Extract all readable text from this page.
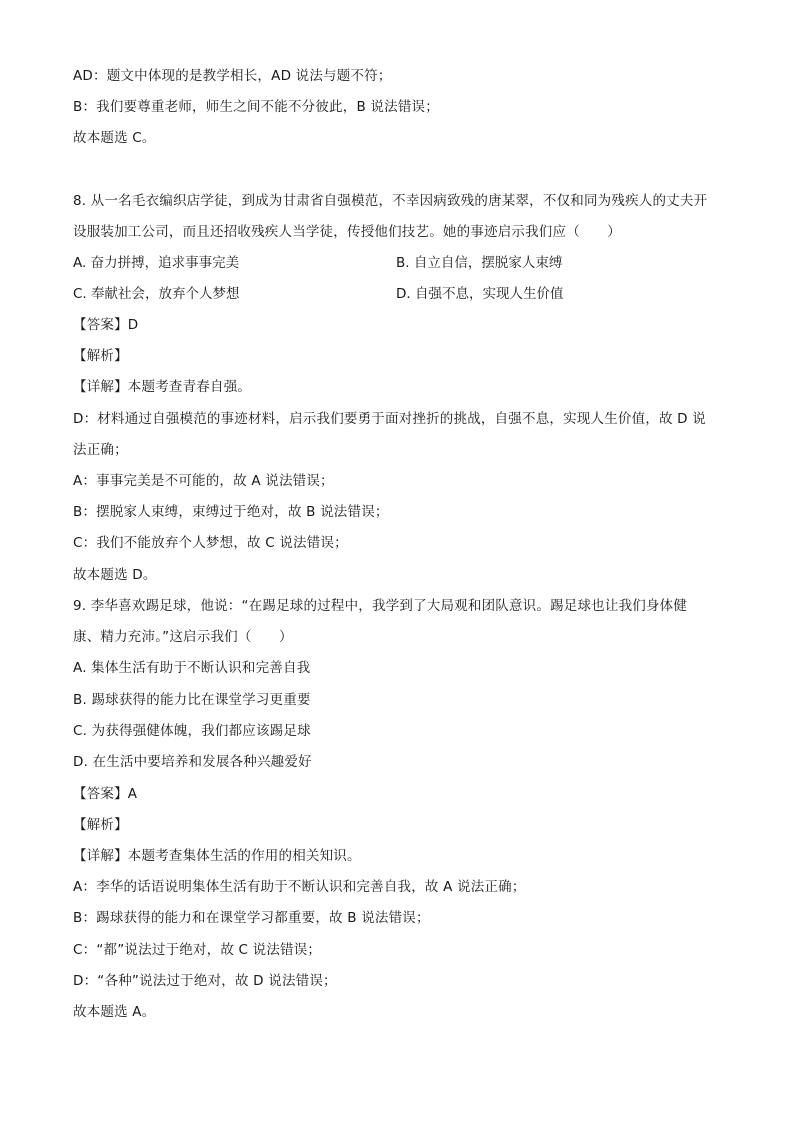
AD：题文中体现的是教学相长，AD 说法与题不符；
B：我们要尊重老师，师生之间不能不分彼此，B 说法错误；
故本题选 C。
8. 从一名毛衣编织店学徒，到成为甘肃省自强模范，不幸因病致残的唐某翠，不仅和同为残疾人的丈夫开
设服装加工公司，而且还招收残疾人当学徒，传授他们技艺。她的事迹启示我们应（　　）
A. 奋力拼搏，追求事事完美	B. 自立自信，摆脱家人束缚
C. 奉献社会，放弃个人梦想	D. 自强不息，实现人生价值
【答案】D
【解析】
【详解】本题考查青春自强。
D：材料通过自强模范的事迹材料，启示我们要勇于面对挫折的挑战，自强不息，实现人生价值，故 D 说
法正确；
A：事事完美是不可能的，故 A 说法错误；
B：摆脱家人束缚，束缚过于绝对，故 B 说法错误；
C：我们不能放弃个人梦想，故 C 说法错误；
故本题选 D。
9. 李华喜欢踢足球，他说：“在踢足球的过程中，我学到了大局观和团队意识。踢足球也让我们身体健
康、精力充沛。”这启示我们（　　）
A. 集体生活有助于不断认识和完善自我
B. 踢球获得的能力比在课堂学习更重要
C. 为获得强健体魄，我们都应该踢足球
D. 在生活中要培养和发展各种兴趣爱好
【答案】A
【解析】
【详解】本题考查集体生活的作用的相关知识。
A：李华的话语说明集体生活有助于不断认识和完善自我，故 A 说法正确；
B：踢球获得的能力和在课堂学习都重要，故 B 说法错误；
C：“都”说法过于绝对，故 C 说法错误；
D：“各种”说法过于绝对，故 D 说法错误；
故本题选 A。
